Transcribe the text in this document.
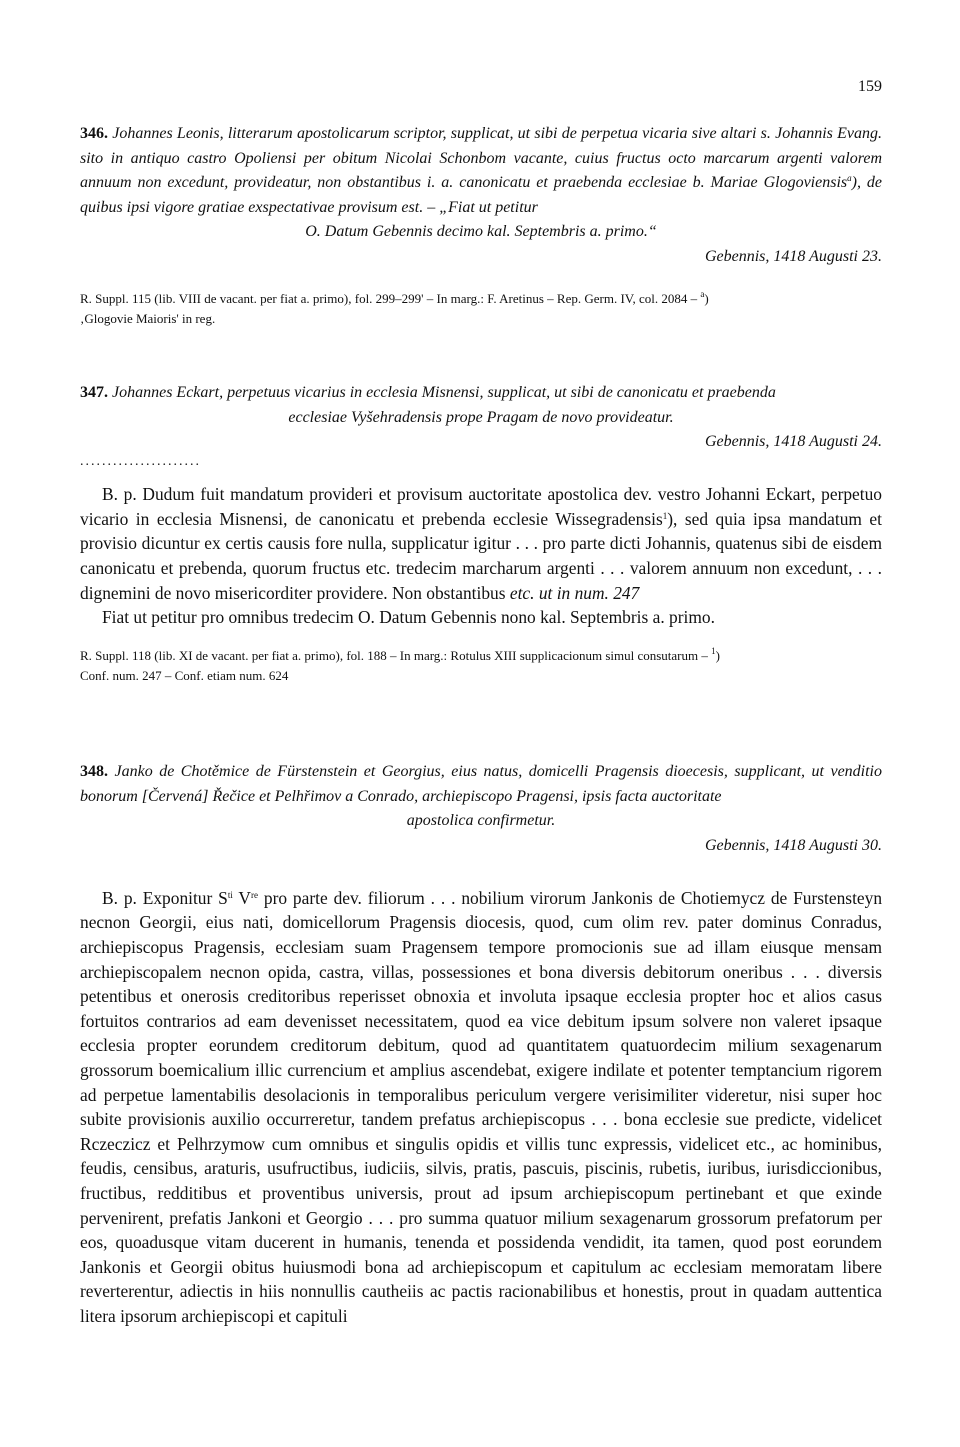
159

346. Johannes Leonis, litterarum apostolicarum scriptor, supplicat, ut sibi de perpetua vicaria sive altari s. Johannis Evang. sito in antiquo castro Opoliensi per obitum Nicolai Schonbom vacante, cuius fructus octo marcarum argenti valorem annuum non excedunt, provideatur, non obstantibus i. a. canonicatu et praebenda ecclesiae b. Mariae Glogoviensis$^a$), de quibus ipsi vigore gratiae exspectativae provisum est. – „Fiat ut petitur
O. Datum Gebennis decimo kal. Septembris a. primo.“

Gebennis, 1418 Augusti 23.

R. Suppl. 115 (lib. VIII de vacant. per fiat a. primo), fol. 299–299' – In marg.: F. Aretinus – Rep. Germ. IV, col. 2084 – $^a$)
‚Glogovie Maioris' in reg.

347. Johannes Eckart, perpetuus vicarius in ecclesia Misnensi, supplicat, ut sibi de canonicatu et praebenda
ecclesiae Vyšehradensis prope Pragam de novo provideatur.

Gebennis, 1418 Augusti 24.

......................

B. p. Dudum fuit mandatum provideri et provisum auctoritate apostolica dev. vestro Johanni Eckart, perpetuo vicario in ecclesia Misnensi, de canonicatu et prebenda ecclesie Wissegradensis$^1$), sed quia ipsa mandatum et provisio dicuntur ex certis causis fore nulla, supplicatur igitur . . . pro parte dicti Johannis, quatenus sibi de eisdem canonicatu et prebenda, quorum fructus etc. tredecim marcharum argenti . . . valorem annuum non excedunt, . . . dignemini de novo misericorditer providere. Non obstantibus etc. ut in num. 247

Fiat ut petitur pro omnibus tredecim O. Datum Gebennis nono kal. Septembris a. primo.

R. Suppl. 118 (lib. XI de vacant. per fiat a. primo), fol. 188 – In marg.: Rotulus XIII supplicacionum simul consutarum – $^1$)
Conf. num. 247 – Conf. etiam num. 624

348. Janko de Chotěmice de Fürstenstein et Georgius, eius natus, domicelli Pragensis dioecesis, supplicant, ut venditio bonorum [Červená] Řečice et Pelhřimov a Conrado, archiepiscopo Pragensi, ipsis facta auctoritate
apostolica confirmetur.

Gebennis, 1418 Augusti 30.

B. p. Exponitur $S^{ti}$ Vre pro parte dev. filiorum . . . nobilium virorum Jankonis de Chotiemycz de Furstensteyn necnon Georgii, eius nati, domicellorum Pragensis diocesis, quod, cum olim rev. pater dominus Conradus, archiepiscopus Pragensis, ecclesiam suam Pragensem tempore promocionis sue ad illam eiusque mensam archiepiscopalem necnon opida, castra, villas, possessiones et bona diversis debitorum oneribus . . . diversis petentibus et onerosis creditoribus reperisset obnoxia et involuta ipsaque ecclesia propter hoc et alios casus fortuitos contrarios ad eam devenisset necessitatem, quod ea vice debitum ipsum solvere non valeret ipsaque ecclesia propter eorundem creditorum debitum, quod ad quantitatem quatuordecim milium sexagenarum grossorum boemicalium illic currencium et amplius ascendebat, exigere indilate et potenter temptancium rigorem ad perpetue lamentabilis desolacionis in temporalibus periculum vergere verisimiliter videretur, nisi super hoc subite provisionis auxilio occurreretur, tandem prefatus archiepiscopus . . . bona ecclesie sue predicte, videlicet Rczeczicz et Pelhrzymow cum omnibus et singulis opidis et villis tunc expressis, videlicet etc., ac hominibus, feudis, censibus, araturis, usufructibus, iudiciis, silvis, pratis, pascuis, piscinis, rubetis, iuribus, iurisdiccionibus, fructibus, redditibus et proventibus universis, prout ad ipsum archiepiscopum pertinebant et que exinde pervenirent, prefatis Jankoni et Georgio . . . pro summa quatuor milium sexagenarum grossorum prefatorum per eos, quoadusque vitam ducerent in humanis, tenenda et possidenda vendidit, ita tamen, quod post eorundem Jankonis et Georgii obitus huiusmodi bona ad archiepiscopum et capitulum ac ecclesiam memoratam libere reverterentur, adiectis in hiis nonnullis cautheiis ac pactis racionabilibus et honestis, prout in quadam auttentica litera ipsorum archiepiscopi et capituli
